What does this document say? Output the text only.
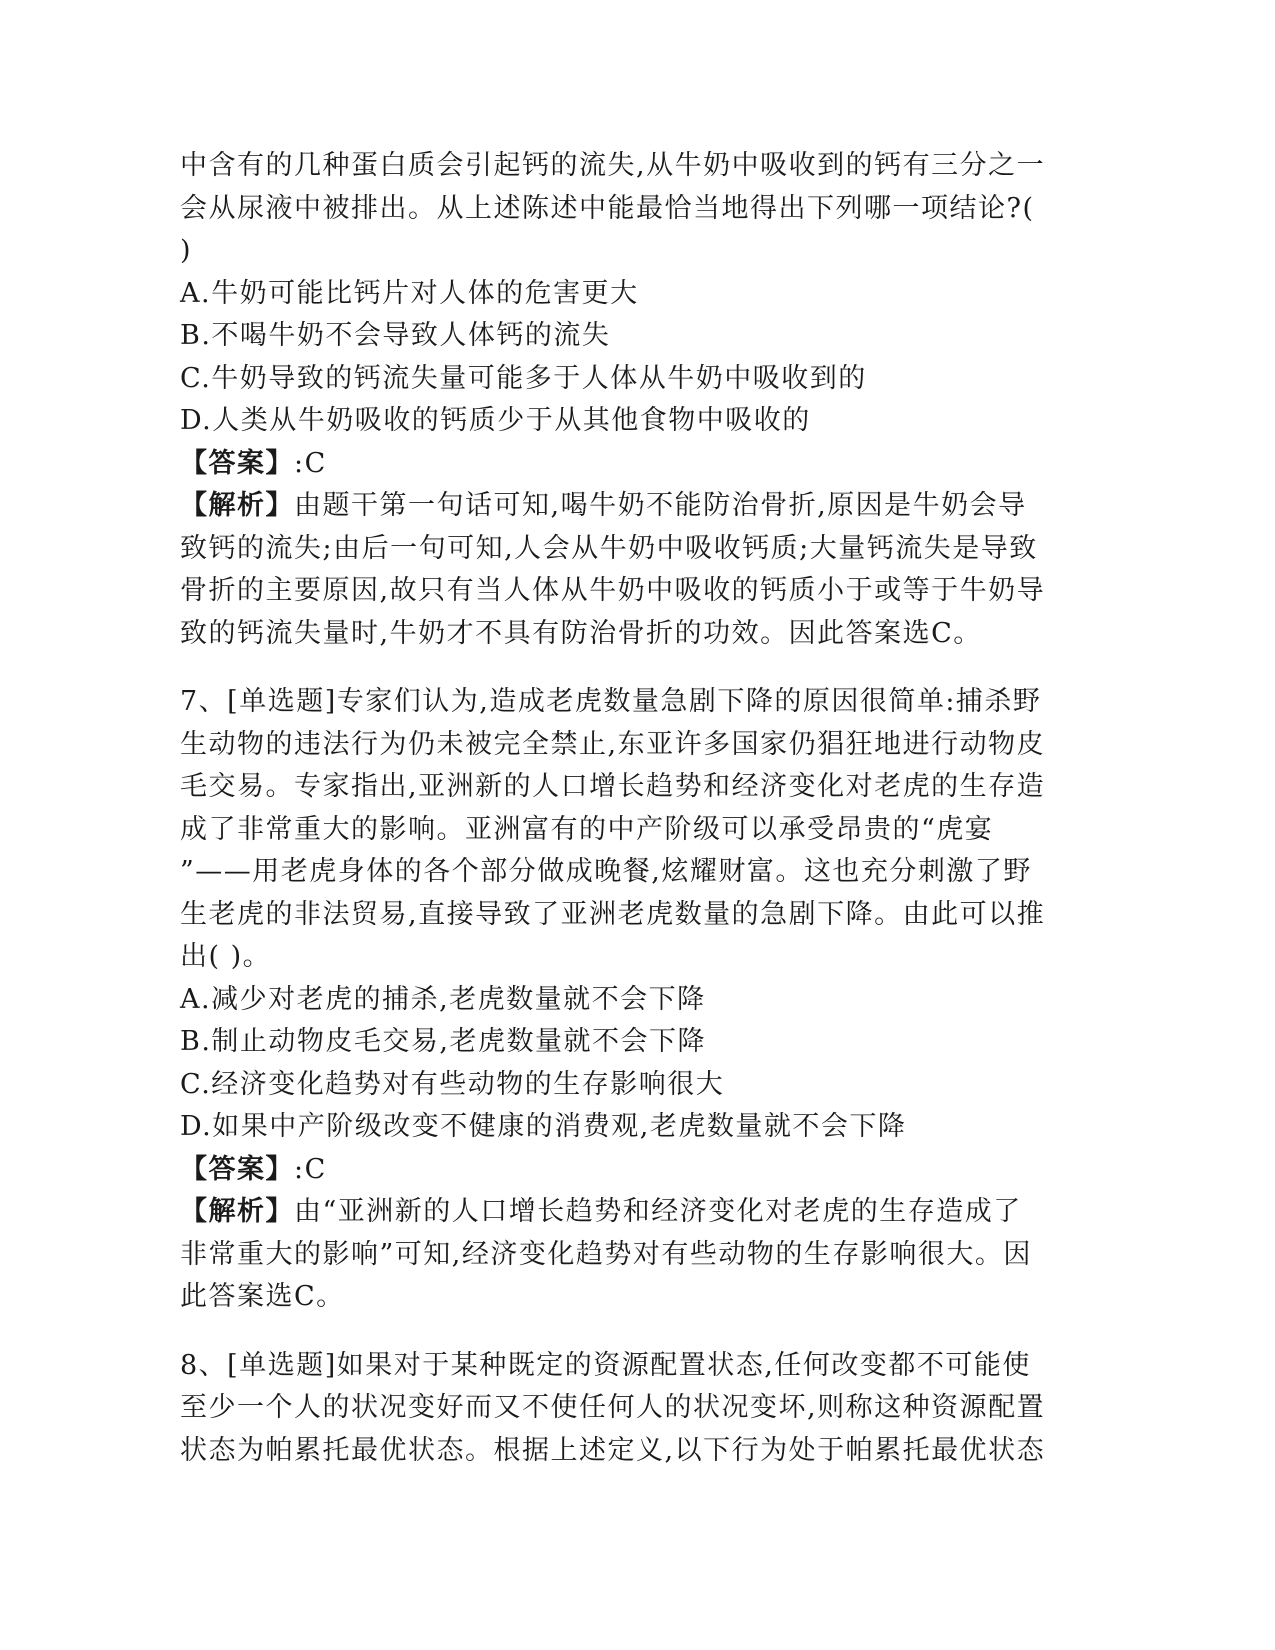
中含有的几种蛋白质会引起钙的流失,从牛奶中吸收到的钙有三分之一
会从尿液中被排出。从上述陈述中能最恰当地得出下列哪一项结论?(
)
A.牛奶可能比钙片对人体的危害更大
B.不喝牛奶不会导致人体钙的流失
C.牛奶导致的钙流失量可能多于人体从牛奶中吸收到的
D.人类从牛奶吸收的钙质少于从其他食物中吸收的
【答案】:C
【解析】由题干第一句话可知,喝牛奶不能防治骨折,原因是牛奶会导
致钙的流失;由后一句可知,人会从牛奶中吸收钙质;大量钙流失是导致
骨折的主要原因,故只有当人体从牛奶中吸收的钙质小于或等于牛奶导
致的钙流失量时,牛奶才不具有防治骨折的功效。因此答案选C。
7、[单选题]专家们认为,造成老虎数量急剧下降的原因很简单:捕杀野
生动物的违法行为仍未被完全禁止,东亚许多国家仍猖狂地进行动物皮
毛交易。专家指出,亚洲新的人口增长趋势和经济变化对老虎的生存造
成了非常重大的影响。亚洲富有的中产阶级可以承受昂贵的“虎宴
”——用老虎身体的各个部分做成晚餐,炫耀财富。这也充分刺激了野
生老虎的非法贸易,直接导致了亚洲老虎数量的急剧下降。由此可以推
出( )。
A.减少对老虎的捕杀,老虎数量就不会下降
B.制止动物皮毛交易,老虎数量就不会下降
C.经济变化趋势对有些动物的生存影响很大
D.如果中产阶级改变不健康的消费观,老虎数量就不会下降
【答案】:C
【解析】由“亚洲新的人口增长趋势和经济变化对老虎的生存造成了
非常重大的影响”可知,经济变化趋势对有些动物的生存影响很大。因
此答案选C。
8、[单选题]如果对于某种既定的资源配置状态,任何改变都不可能使
至少一个人的状况变好而又不使任何人的状况变坏,则称这种资源配置
状态为帕累托最优状态。根据上述定义,以下行为处于帕累托最优状态
